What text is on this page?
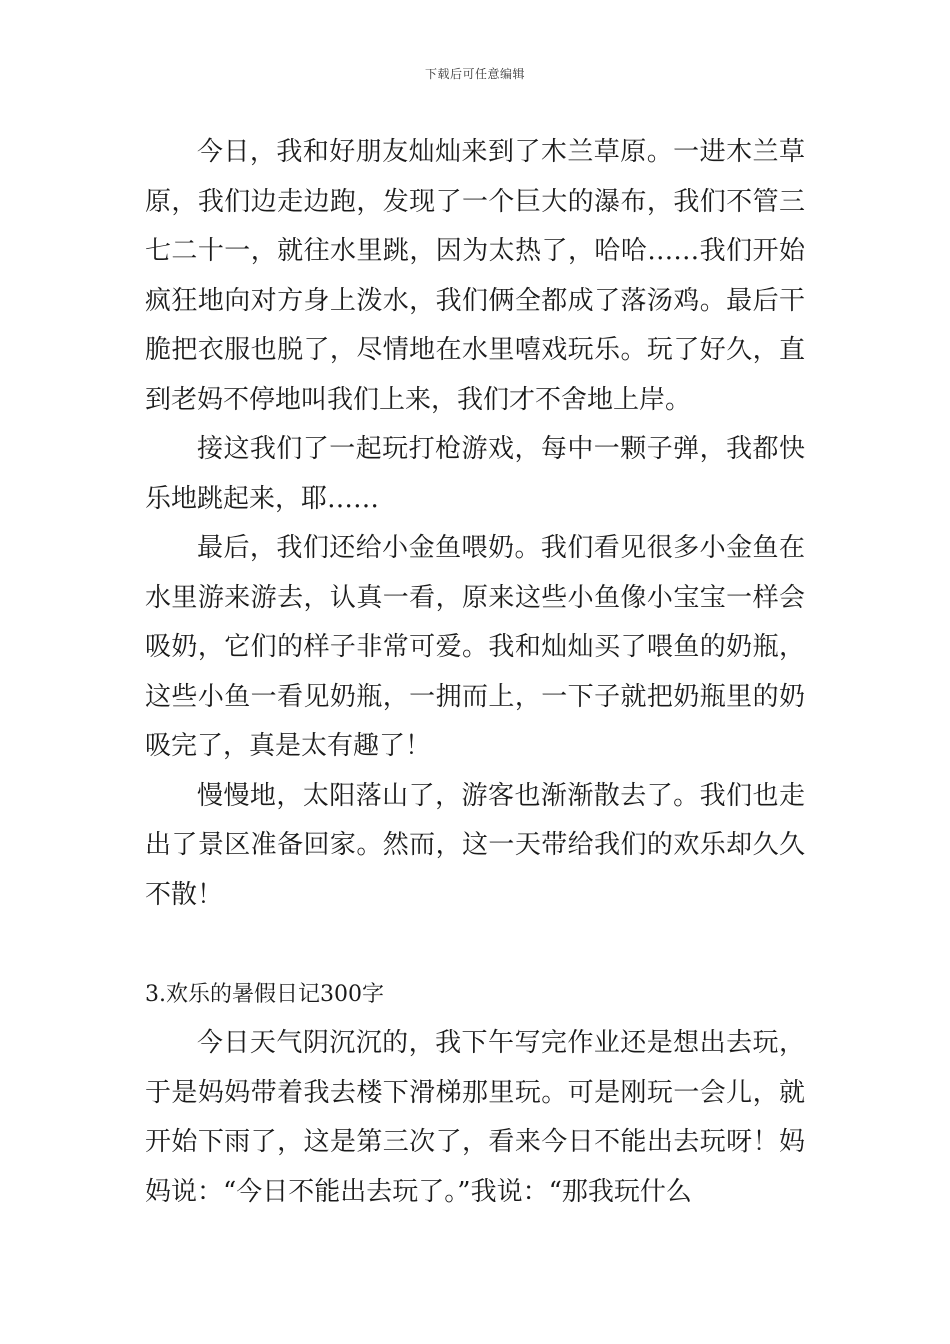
下载后可任意编辑

今日，我和好朋友灿灿来到了木兰草原。一进木兰草原，我们边走边跑，发现了一个巨大的瀑布，我们不管三七二十一，就往水里跳，因为太热了，哈哈……我们开始疯狂地向对方身上泼水，我们俩全都成了落汤鸡。最后干脆把衣服也脱了，尽情地在水里嘻戏玩乐。玩了好久，直到老妈不停地叫我们上来，我们才不舍地上岸。

接这我们了一起玩打枪游戏，每中一颗子弹，我都快乐地跳起来，耶……

最后，我们还给小金鱼喂奶。我们看见很多小金鱼在水里游来游去，认真一看，原来这些小鱼像小宝宝一样会吸奶，它们的样子非常可爱。我和灿灿买了喂鱼的奶瓶，这些小鱼一看见奶瓶，一拥而上，一下子就把奶瓶里的奶吸完了，真是太有趣了！

慢慢地，太阳落山了，游客也渐渐散去了。我们也走出了景区准备回家。然而，这一天带给我们的欢乐却久久不散！

3.欢乐的暑假日记300字

今日天气阴沉沉的，我下午写完作业还是想出去玩，于是妈妈带着我去楼下滑梯那里玩。可是刚玩一会儿，就开始下雨了，这是第三次了，看来今日不能出去玩呀！妈妈说：“今日不能出去玩了。”我说：“那我玩什么
